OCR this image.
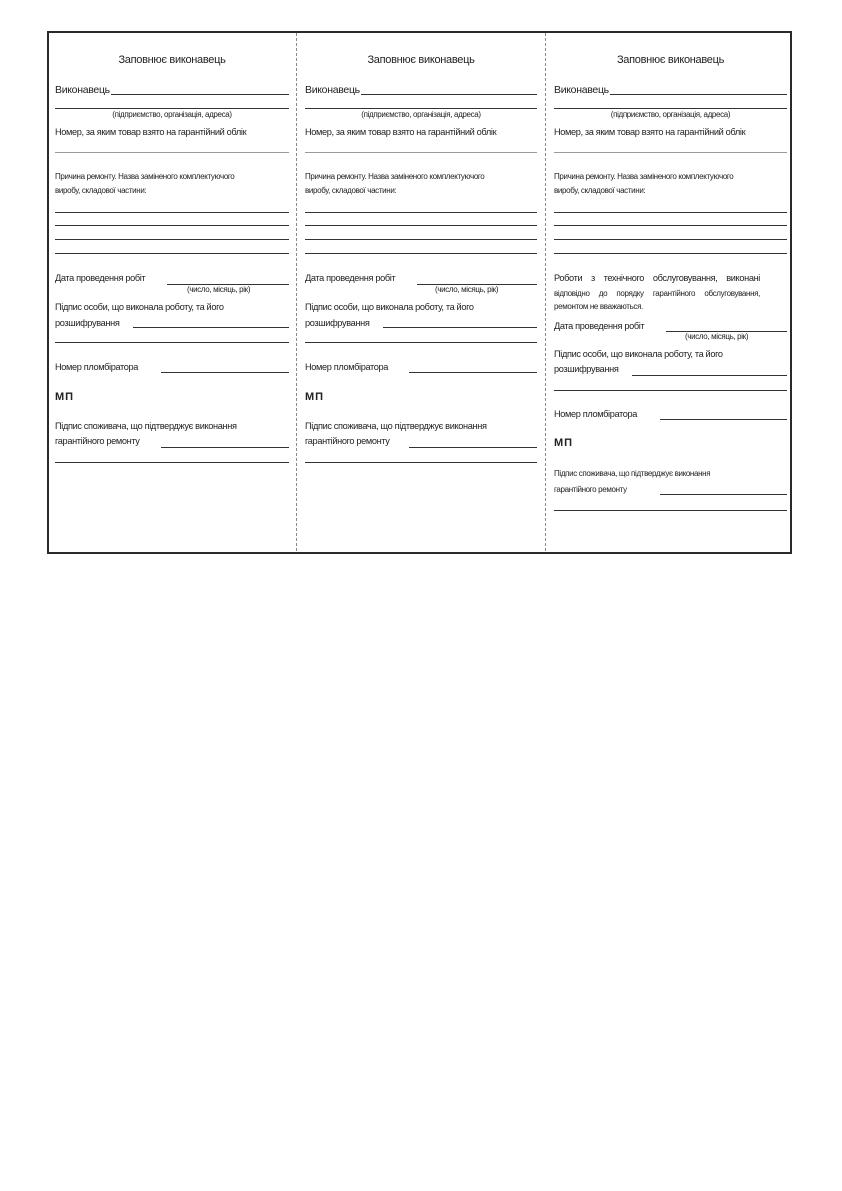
Заповнює виконавець
Виконавець
(підприємство, організація, адреса)
Номер, за яким товар взято на гарантійний облік
Причина ремонту. Назва заміненого комплектуючого
виробу, складової частини:
Дата проведення робіт
(число, місяць, рік)
Підпис особи, що виконала роботу, та його
розшифрування
Номер пломбіратора
МП
Підпис споживача, що підтверджує виконання
гарантійного ремонту
Заповнює виконавець
Виконавець
(підприємство, організація, адреса)
Номер, за яким товар взято на гарантійний облік
Причина ремонту. Назва заміненого комплектуючого
виробу, складової частини:
Дата проведення робіт
(число, місяць, рік)
Підпис особи, що виконала роботу, та його
розшифрування
Номер пломбіратора
МП
Підпис споживача, що підтверджує виконання
гарантійного ремонту
Заповнює виконавець
Виконавець
(підприємство, організація, адреса)
Номер, за яким товар взято на гарантійний облік
Причина ремонту. Назва заміненого комплектуючого
виробу, складової частини:
Роботи з технічного обслуговування, виконані
відповідно до порядку гарантійного обслуговування,
ремонтом не вважаються.
Дата проведення робіт
(число, місяць, рік)
Підпис особи, що виконала роботу, та його
розшифрування
Номер пломбіратора
МП
Підпис споживача, що підтверджує виконання
гарантійного ремонту
